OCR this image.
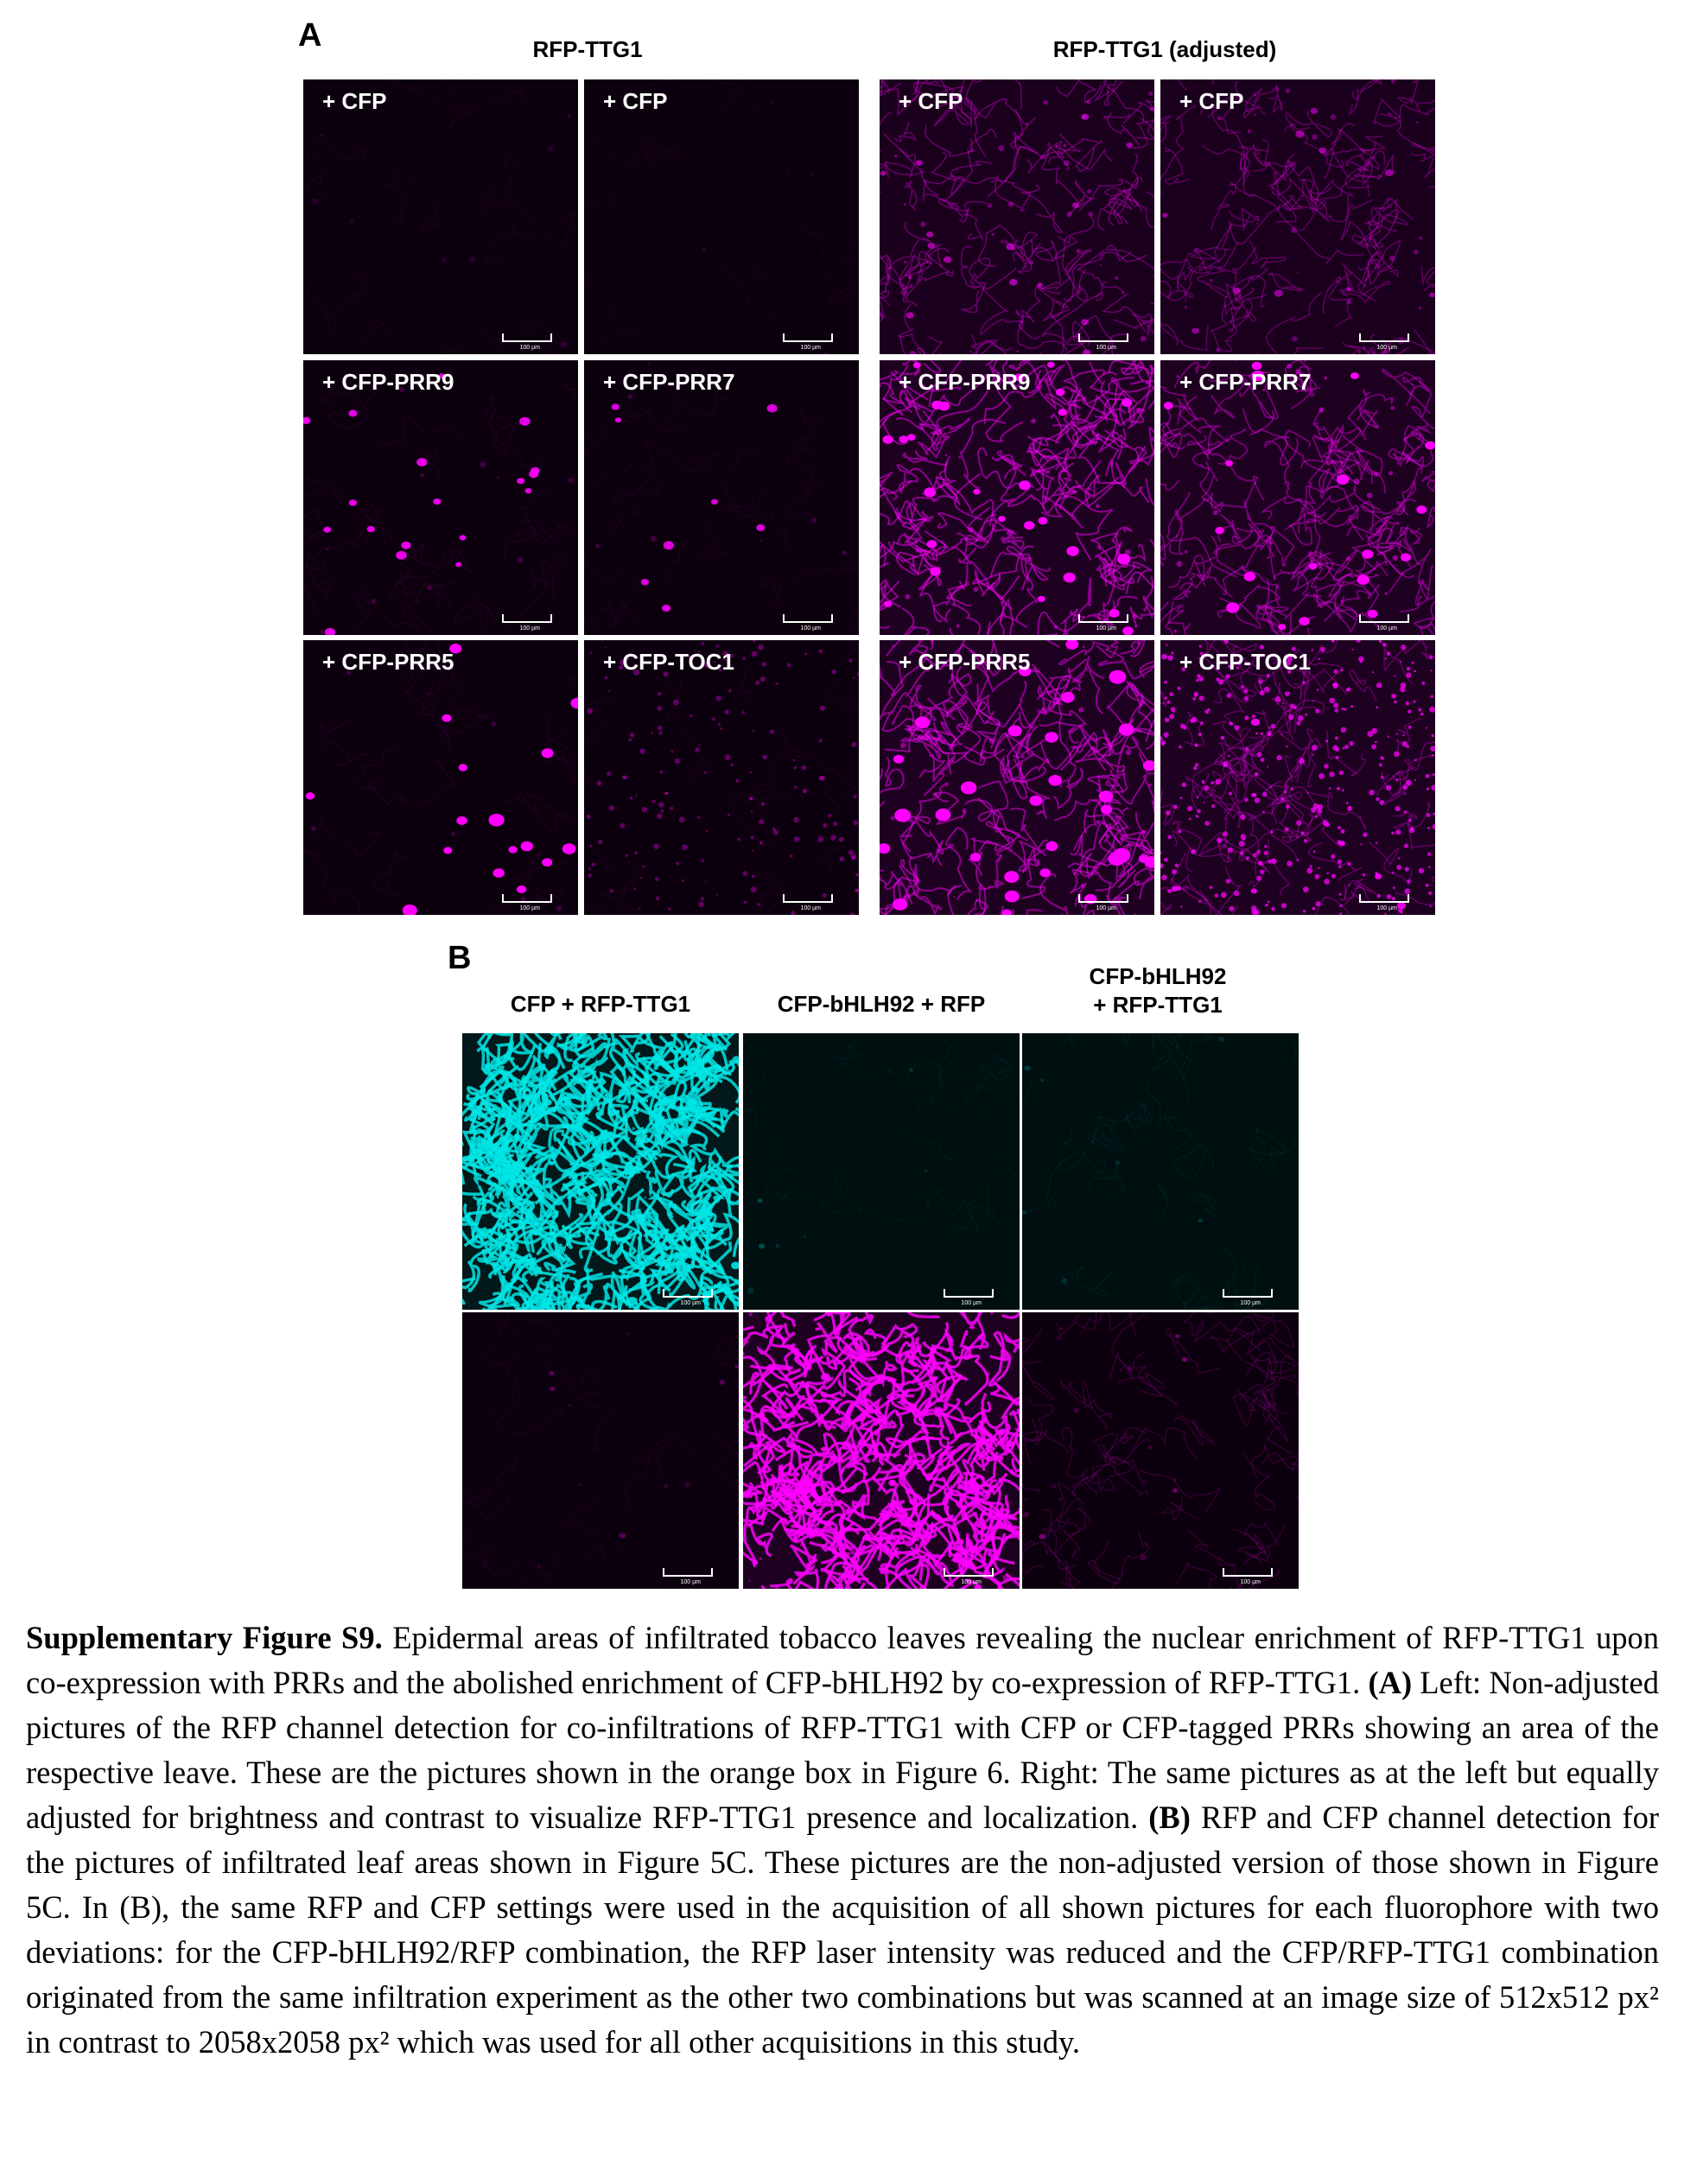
A	RFP-TTG1	RFP-TTG1 (adjusted)
+ CFP
100 µm
+ CFP
100 µm
+ CFP
100 µm
+ CFP
100 µm
+ CFP-PRR9
100 µm
+ CFP-PRR7
100 µm
+ CFP-PRR9
100 µm
+ CFP-PRR7
100 µm
+ CFP-PRR5
100 µm
+ CFP-TOC1
100 µm
+ CFP-PRR5
100 µm
+ CFP-TOC1
100 µm
B
CFP + RFP-TTG1	CFP-bHLH92 + RFP
CFP-bHLH92
+ RFP-TTG1
100 µm	100 µm	100 µm
100 µm	100 µm	100 µm
Supplementary Figure S9. Epidermal areas of infiltrated tobacco leaves revealing the nuclear enrichment of RFP-TTG1 upon co-expression with PRRs and the abolished enrichment of CFP-bHLH92 by co-expression of RFP-TTG1. (A) Left: Non-adjusted pictures of the RFP channel detection for co-infiltrations of RFP-TTG1 with CFP or CFP-tagged PRRs showing an area of the respective leave. These are the pictures shown in the orange box in Figure 6. Right: The same pictures as at the left but equally adjusted for brightness and contrast to visualize RFP-TTG1 presence and localization. (B) RFP and CFP channel detection for the pictures of infiltrated leaf areas shown in Figure 5C. These pictures are the non-adjusted version of those shown in Figure 5C. In (B), the same RFP and CFP settings were used in the acquisition of all shown pictures for each fluorophore with two deviations: for the CFP-bHLH92/RFP combination, the RFP laser intensity was reduced and the CFP/RFP-TTG1 combination originated from the same infiltration experiment as the other two combinations but was scanned at an image size of 512x512 px² in contrast to 2058x2058 px² which was used for all other acquisitions in this study.
